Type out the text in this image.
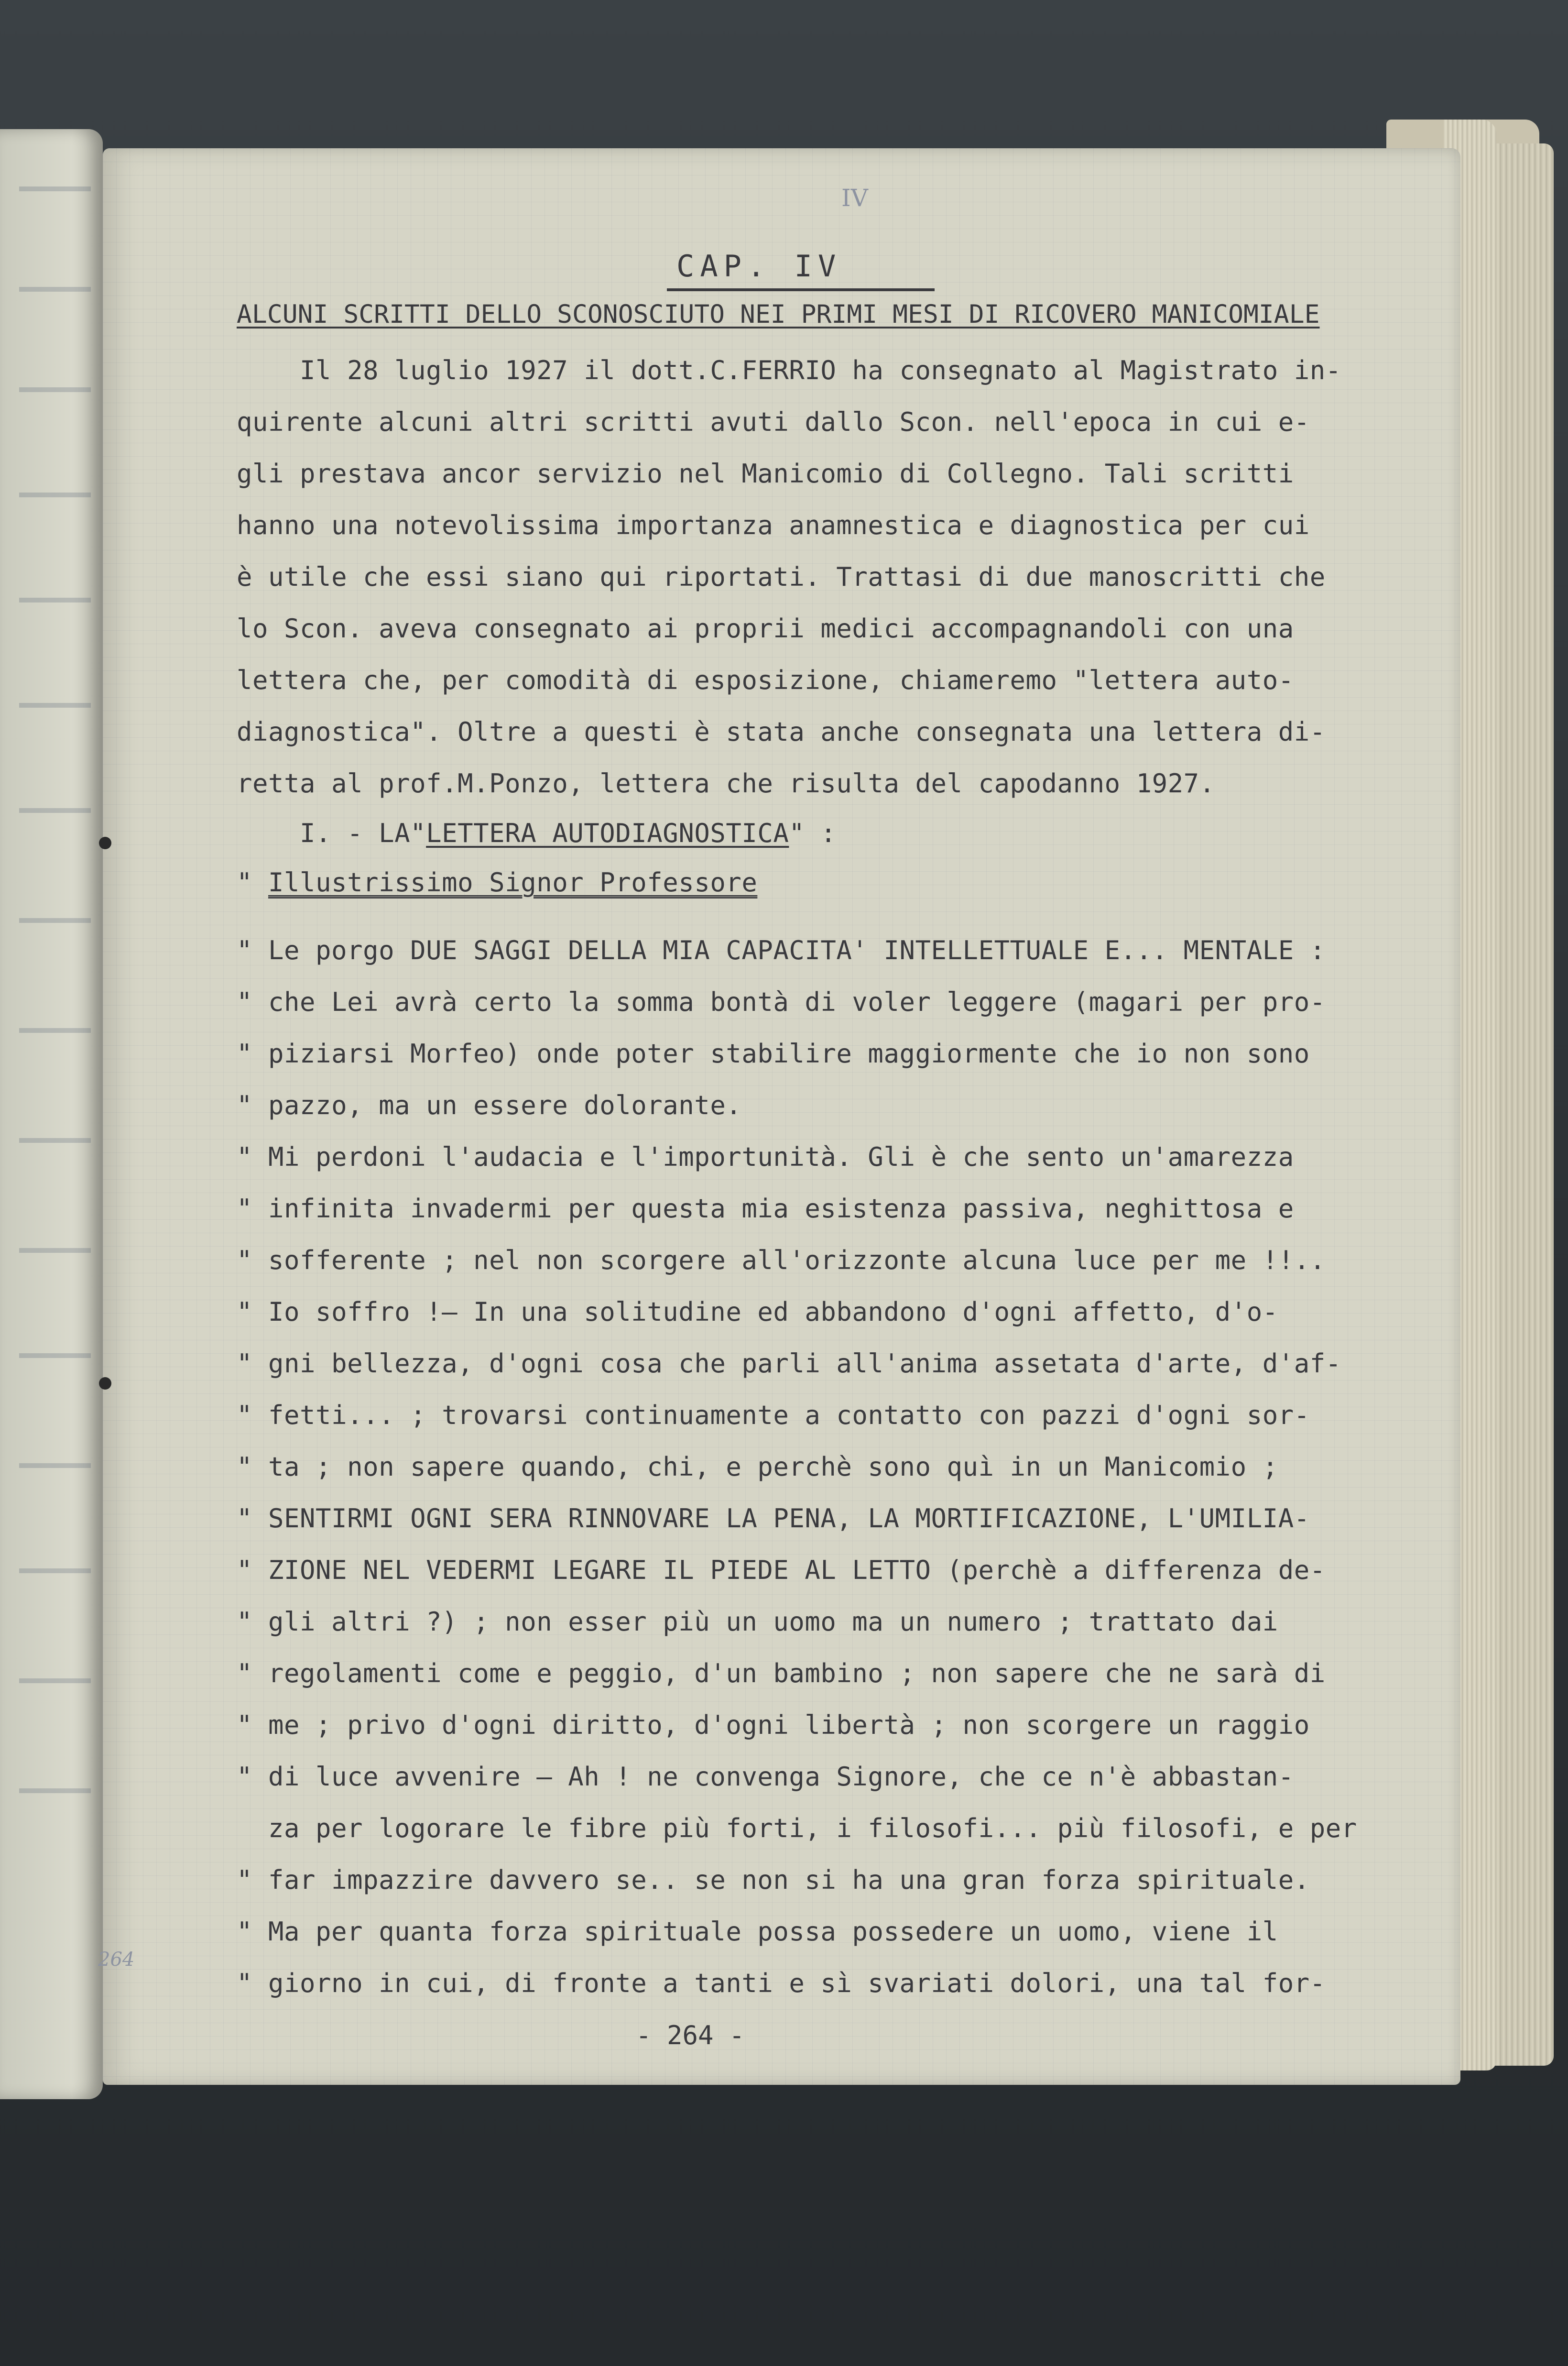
IV
CAP. IV
ALCUNI SCRITTI DELLO SCONOSCIUTO NEI PRIMI MESI DI RICOVERO MANICOMIALE
Il 28 luglio 1927 il dott.C.FERRIO ha consegnato al Magistrato in-
quirente alcuni altri scritti avuti dallo Scon. nell'epoca in cui e-
gli prestava ancor servizio nel Manicomio di Collegno. Tali scritti
hanno una notevolissima importanza anamnestica e diagnostica per cui
è utile che essi siano qui riportati. Trattasi di due manoscritti che
lo Scon. aveva consegnato ai proprii medici accompagnandoli con una
lettera che, per comodità di esposizione, chiameremo "lettera auto-
diagnostica". Oltre a questi è stata anche consegnata una lettera di-
retta al prof.M.Ponzo, lettera che risulta del capodanno 1927.
I. - LA"LETTERA AUTODIAGNOSTICA" :
" Illustrissimo Signor Professore
" Le porgo DUE SAGGI DELLA MIA CAPACITA' INTELLETTUALE E... MENTALE :
" che Lei avrà certo la somma bontà di voler leggere (magari per pro-
" piziarsi Morfeo) onde poter stabilire maggiormente che io non sono
" pazzo, ma un essere dolorante.
" Mi perdoni l'audacia e l'importunità. Gli è che sento un'amarezza
" infinita invadermi per questa mia esistenza passiva, neghittosa e
" sofferente ; nel non scorgere all'orizzonte alcuna luce per me !!..
" Io soffro !— In una solitudine ed abbandono d'ogni affetto, d'o-
" gni bellezza, d'ogni cosa che parli all'anima assetata d'arte, d'af-
" fetti... ; trovarsi continuamente a contatto con pazzi d'ogni sor-
" ta ; non sapere quando, chi, e perchè sono quì in un Manicomio ;
" SENTIRMI OGNI SERA RINNOVARE LA PENA, LA MORTIFICAZIONE, L'UMILIA-
" ZIONE NEL VEDERMI LEGARE IL PIEDE AL LETTO (perchè a differenza de-
" gli altri ?) ; non esser più un uomo ma un numero ; trattato dai
" regolamenti come e peggio, d'un bambino ; non sapere che ne sarà di
" me ; privo d'ogni diritto, d'ogni libertà ; non scorgere un raggio
" di luce avvenire — Ah ! ne convenga Signore, che ce n'è abbastan-
za per logorare le fibre più forti, i filosofi... più filosofi, e per
" far impazzire davvero se.. se non si ha una gran forza spirituale.
" Ma per quanta forza spirituale possa possedere un uomo, viene il
" giorno in cui, di fronte a tanti e sì svariati dolori, una tal for-
- 264 -
264
